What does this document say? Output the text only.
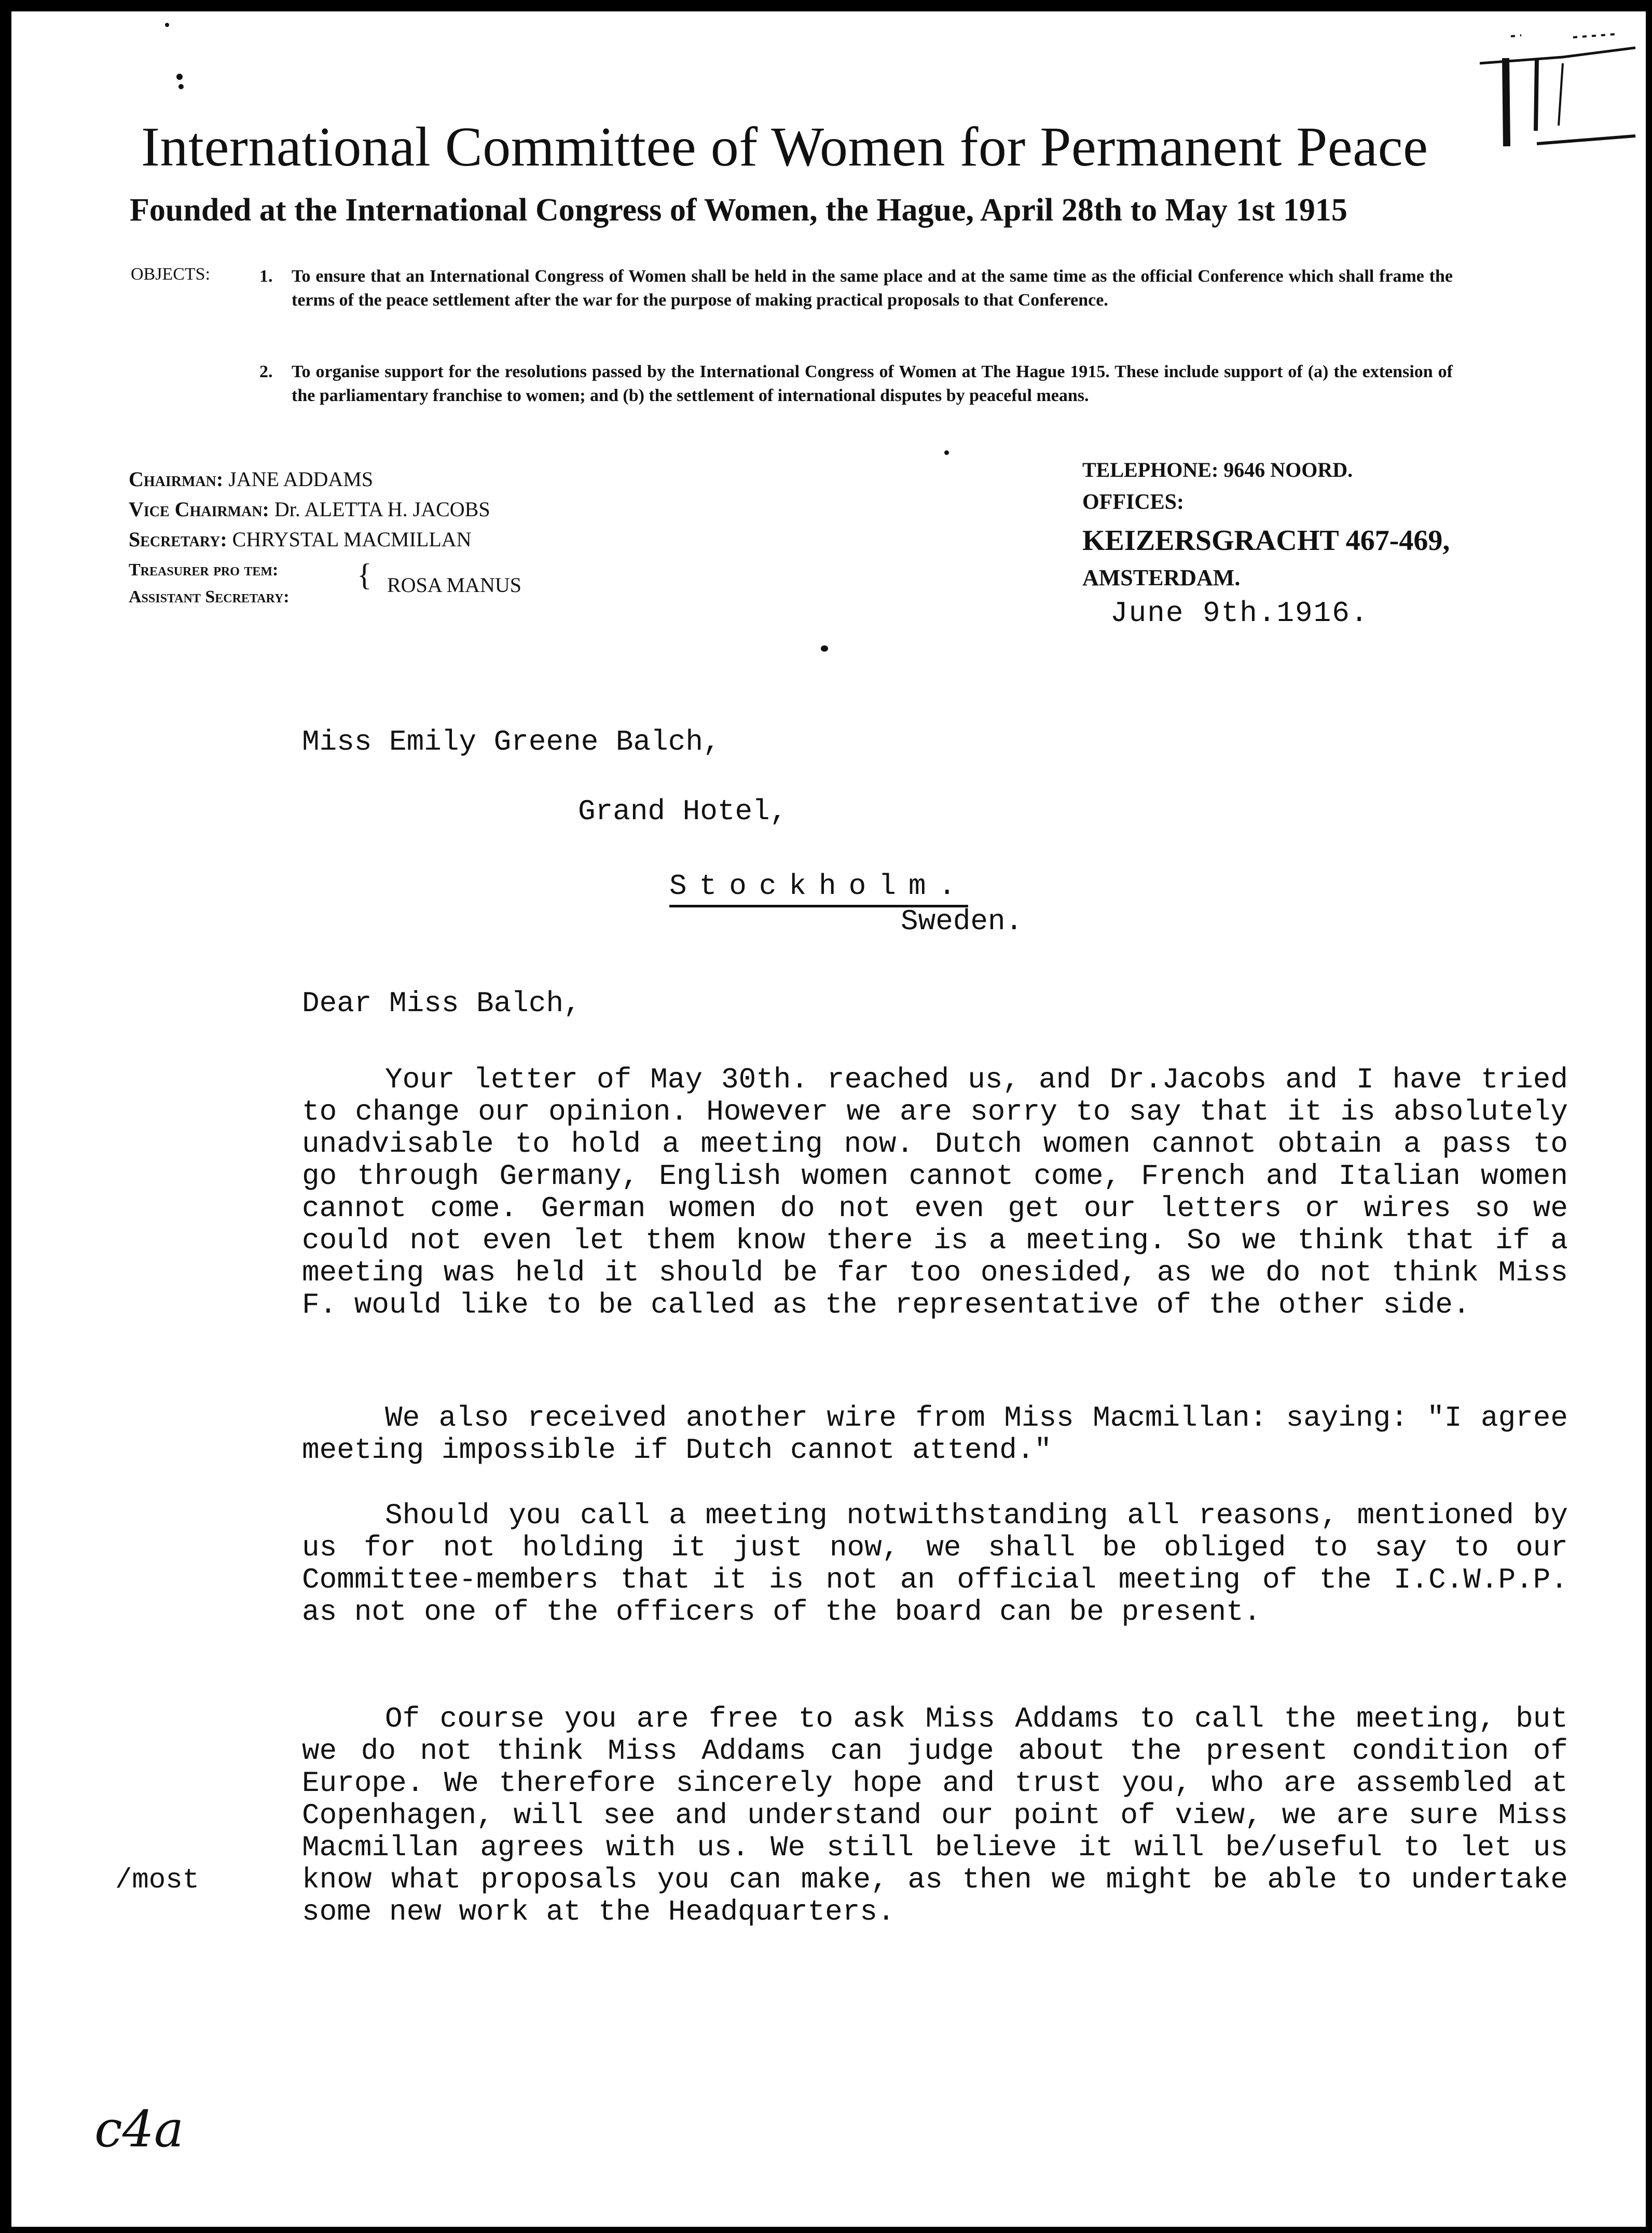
International Committee of Women for Permanent Peace
Founded at the International Congress of Women, the Hague, April 28th to May 1st 1915
OBJECTS:	1. To ensure that an International Congress of Women shall be held in the same place and at the same time as the official Conference which shall frame the terms of the peace settlement after the war for the purpose of making practical proposals to that Conference.
2. To organise support for the resolutions passed by the International Congress of Women at The Hague 1915. These include support of (a) the extension of the parliamentary franchise to women; and (b) the settlement of international disputes by peaceful means.
Chairman: JANE ADDAMS
Vice Chairman: Dr. ALETTA H. JACOBS
Secretary: CHRYSTAL MACMILLAN
Treasurer pro tem:
Assistant Secretary:
{ ROSA MANUS
TELEPHONE: 9646 NOORD.
OFFICES:
KEIZERSGRACHT 467-469,
AMSTERDAM.
June 9th.1916.
Miss Emily Greene Balch,
Grand Hotel,
Stockholm.
Sweden.
Dear Miss Balch,
Your letter of May 30th. reached us, and Dr.Jacobs and I have tried to change our opinion. However we are sorry to say that it is absolutely unadvisable to hold a meeting now. Dutch women cannot obtain a pass to go through Germany, English women cannot come, French and Italian women cannot come. German women do not even get our letters or wires so we could not even let them know there is a meeting. So we think that if a meeting was held it should be far too onesided, as we do not think Miss F. would like to be called as the representative of the other side.
We also received another wire from Miss Macmillan: saying: "I agree meeting impossible if Dutch cannot attend."
Should you call a meeting notwithstanding all reasons, mentioned by us for not holding it just now, we shall be obliged to say to our Committee-members that it is not an official meeting of the I.C.W.P.P. as not one of the officers of the board can be present.
Of course you are free to ask Miss Addams to call the meeting, but we do not think Miss Addams can judge about the present condition of Europe. We therefore sincerely hope and trust you, who are assembled at Copenhagen, will see and understand our point of view, we are sure Miss Macmillan agrees with us. We still believe it will be/useful to let us know what proposals you can make, as then we might be able to undertake some new work at the Headquarters.
/most
c4a
